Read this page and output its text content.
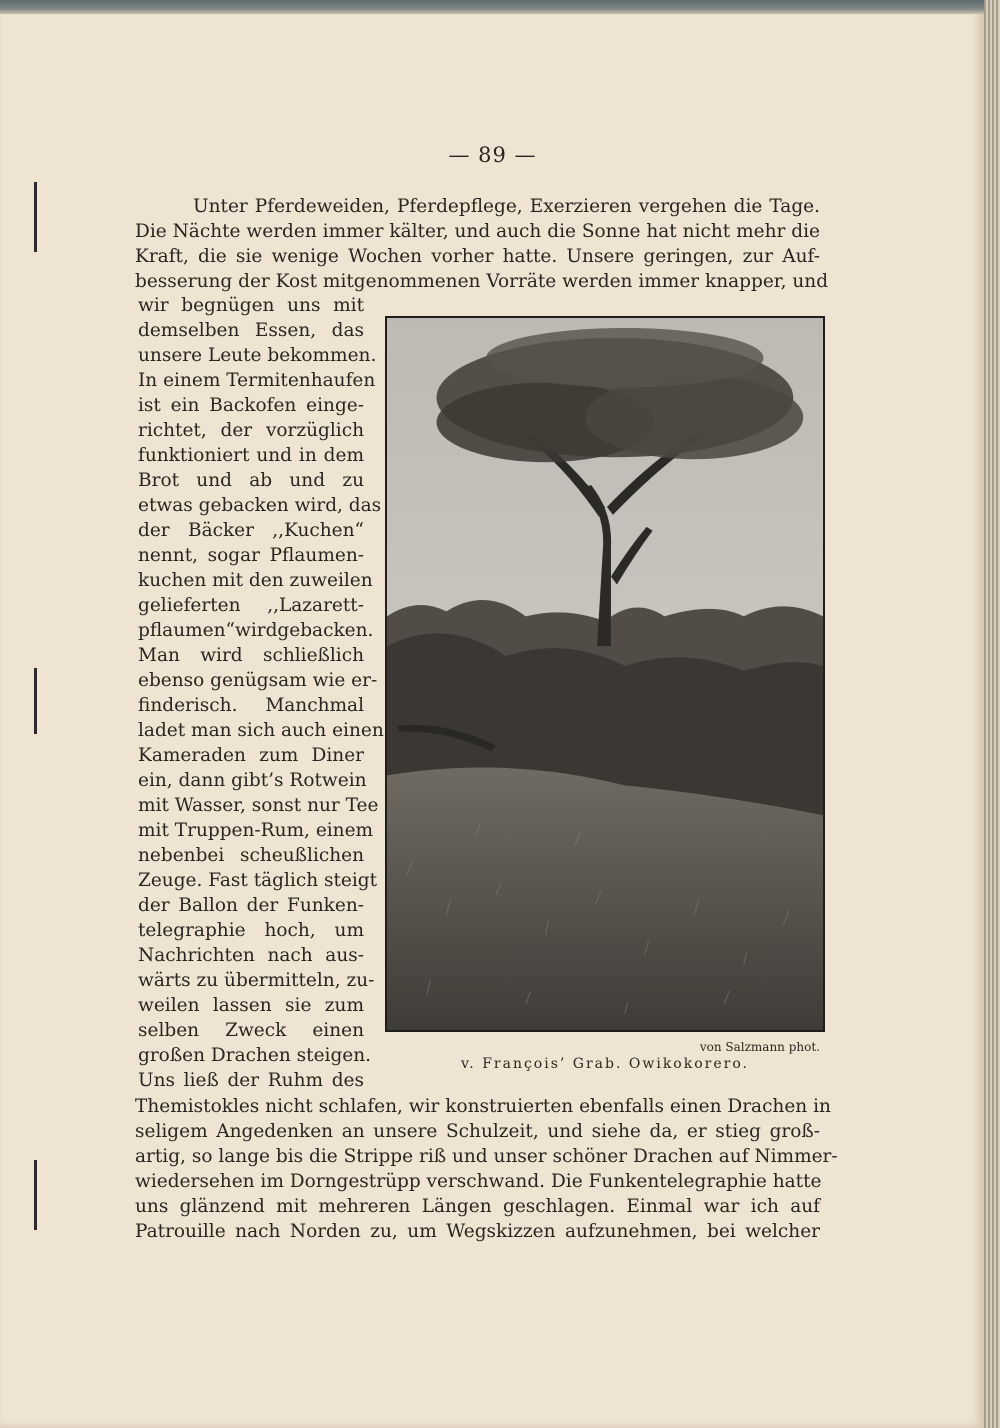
— 89 —
Unter Pferdeweiden, Pferdepflege, Exerzieren vergehen die Tage.
Die Nächte werden immer kälter, und auch die Sonne hat nicht mehr die
Kraft, die sie wenige Wochen vorher hatte. Unsere geringen, zur Auf-
besserung der Kost mitgenommenen Vorräte werden immer knapper, und
wir begnügen uns mit
demselben Essen, das
unsere Leute bekommen.
In einem Termitenhaufen
ist ein Backofen einge-
richtet, der vorzüglich
funktioniert und in dem
Brot und ab und zu
etwas gebacken wird, das
der Bäcker ,,Kuchen“
nennt, sogar Pflaumen-
kuchen mit den zuweilen
gelieferten ,,Lazarett-
pflaumen“wirdgebacken.
Man wird schließlich
ebenso genügsam wie er-
finderisch. Manchmal
ladet man sich auch einen
Kameraden zum Diner
ein, dann gibt’s Rotwein
mit Wasser, sonst nur Tee
mit Truppen-Rum, einem
nebenbei scheußlichen
Zeuge. Fast täglich steigt
der Ballon der Funken-
telegraphie hoch, um
Nachrichten nach aus-
wärts zu übermitteln, zu-
weilen lassen sie zum
selben Zweck einen
großen Drachen steigen.
Uns ließ der Ruhm des
Themistokles nicht schlafen, wir konstruierten ebenfalls einen Drachen in
seligem Angedenken an unsere Schulzeit, und siehe da, er stieg groß-
artig, so lange bis die Strippe riß und unser schöner Drachen auf Nimmer-
wiedersehen im Dorngestrüpp verschwand. Die Funkentelegraphie hatte
uns glänzend mit mehreren Längen geschlagen. Einmal war ich auf
Patrouille nach Norden zu, um Wegskizzen aufzunehmen, bei welcher
von Salzmann phot.
v. François’ Grab. Owikokorero.
